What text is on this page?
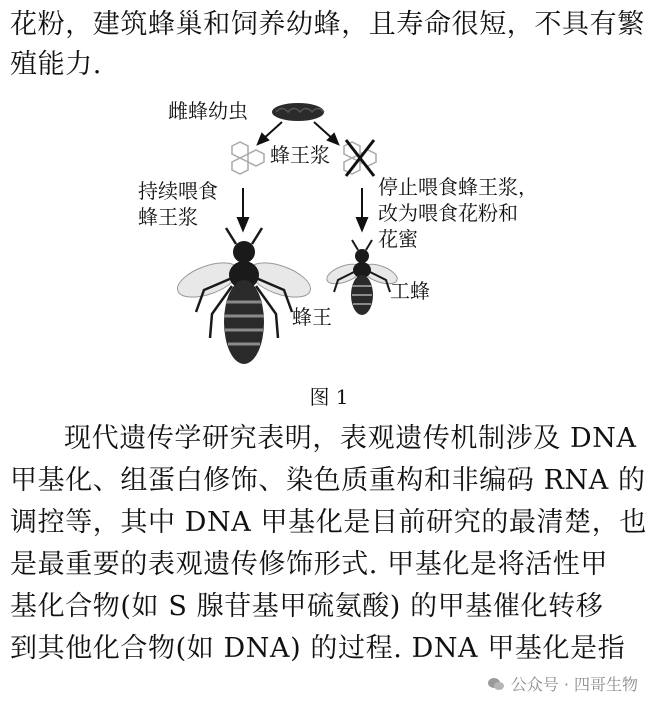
花粉，建筑蜂巢和饲养幼蜂，且寿命很短，不具有繁
殖能力.
雌蜂幼虫
蜂王浆
持续喂食
蜂王浆
停止喂食蜂王浆，
改为喂食花粉和
花蜜
蜂王
工蜂
图 1
现代遗传学研究表明，表观遗传机制涉及 DNA
甲基化、组蛋白修饰、染色质重构和非编码 RNA 的
调控等，其中 DNA 甲基化是目前研究的最清楚，也
是最重要的表观遗传修饰形式. 甲基化是将活性甲
基化合物(如 S 腺苷基甲硫氨酸) 的甲基催化转移
到其他化合物(如 DNA) 的过程. DNA 甲基化是指
公众号 · 四哥生物
